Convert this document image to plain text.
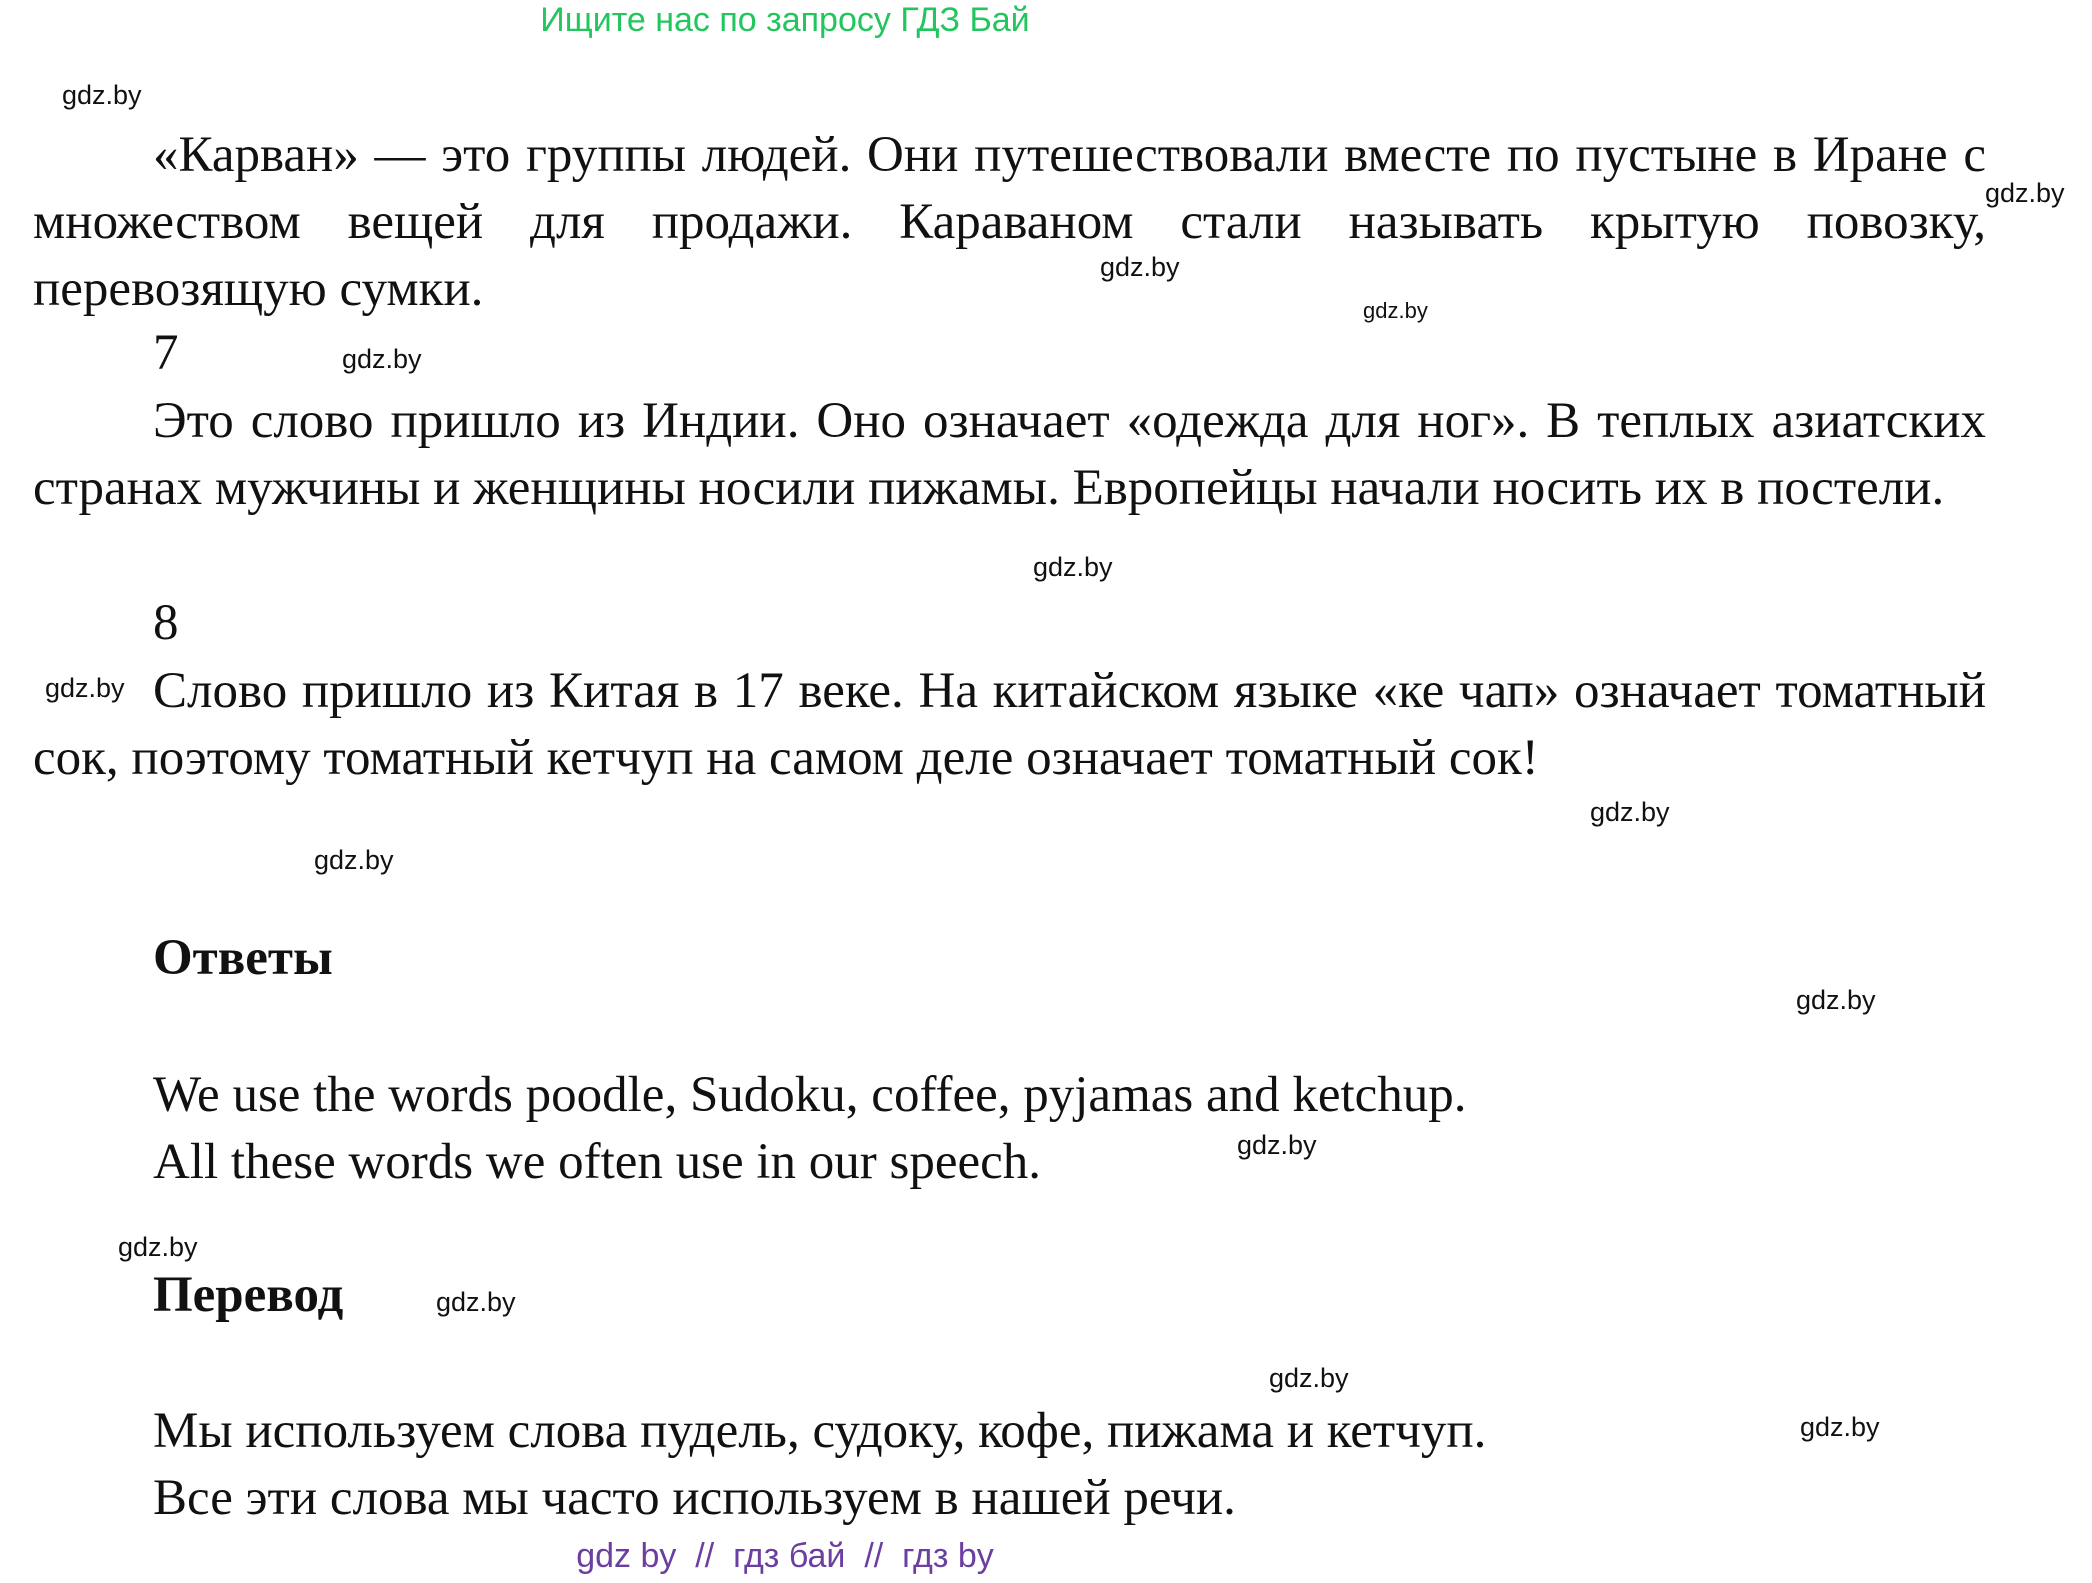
Ищите нас по запросу ГДЗ Бай
gdz.by
gdz.by
gdz.by
gdz.by
gdz.by
gdz.by
gdz.by
gdz.by
gdz.by
gdz.by
gdz.by
gdz.by
gdz.by
gdz.by
gdz.by

«Карван» — это группы людей. Они путешествовали вместе по пустыне в Иране с множеством вещей для продажи. Караваном стали называть крытую повозку, перевозящую сумки.

7

Это слово пришло из Индии. Оно означает «одежда для ног». В теплых азиатских странах мужчины и женщины носили пижамы. Европейцы начали носить их в постели.

8

Слово пришло из Китая в 17 веке. На китайском языке «ке чап» означает томатный сок, поэтому томатный кетчуп на самом деле означает томатный сок!

Ответы
We use the words poodle, Sudoku, coffee, pyjamas and ketchup.
All these words we often use in our speech.
Перевод
Мы используем слова пудель, судоку, кофе, пижама и кетчуп.
Все эти слова мы часто используем в нашей речи.
gdz by  //  гдз бай  //  гдз by
